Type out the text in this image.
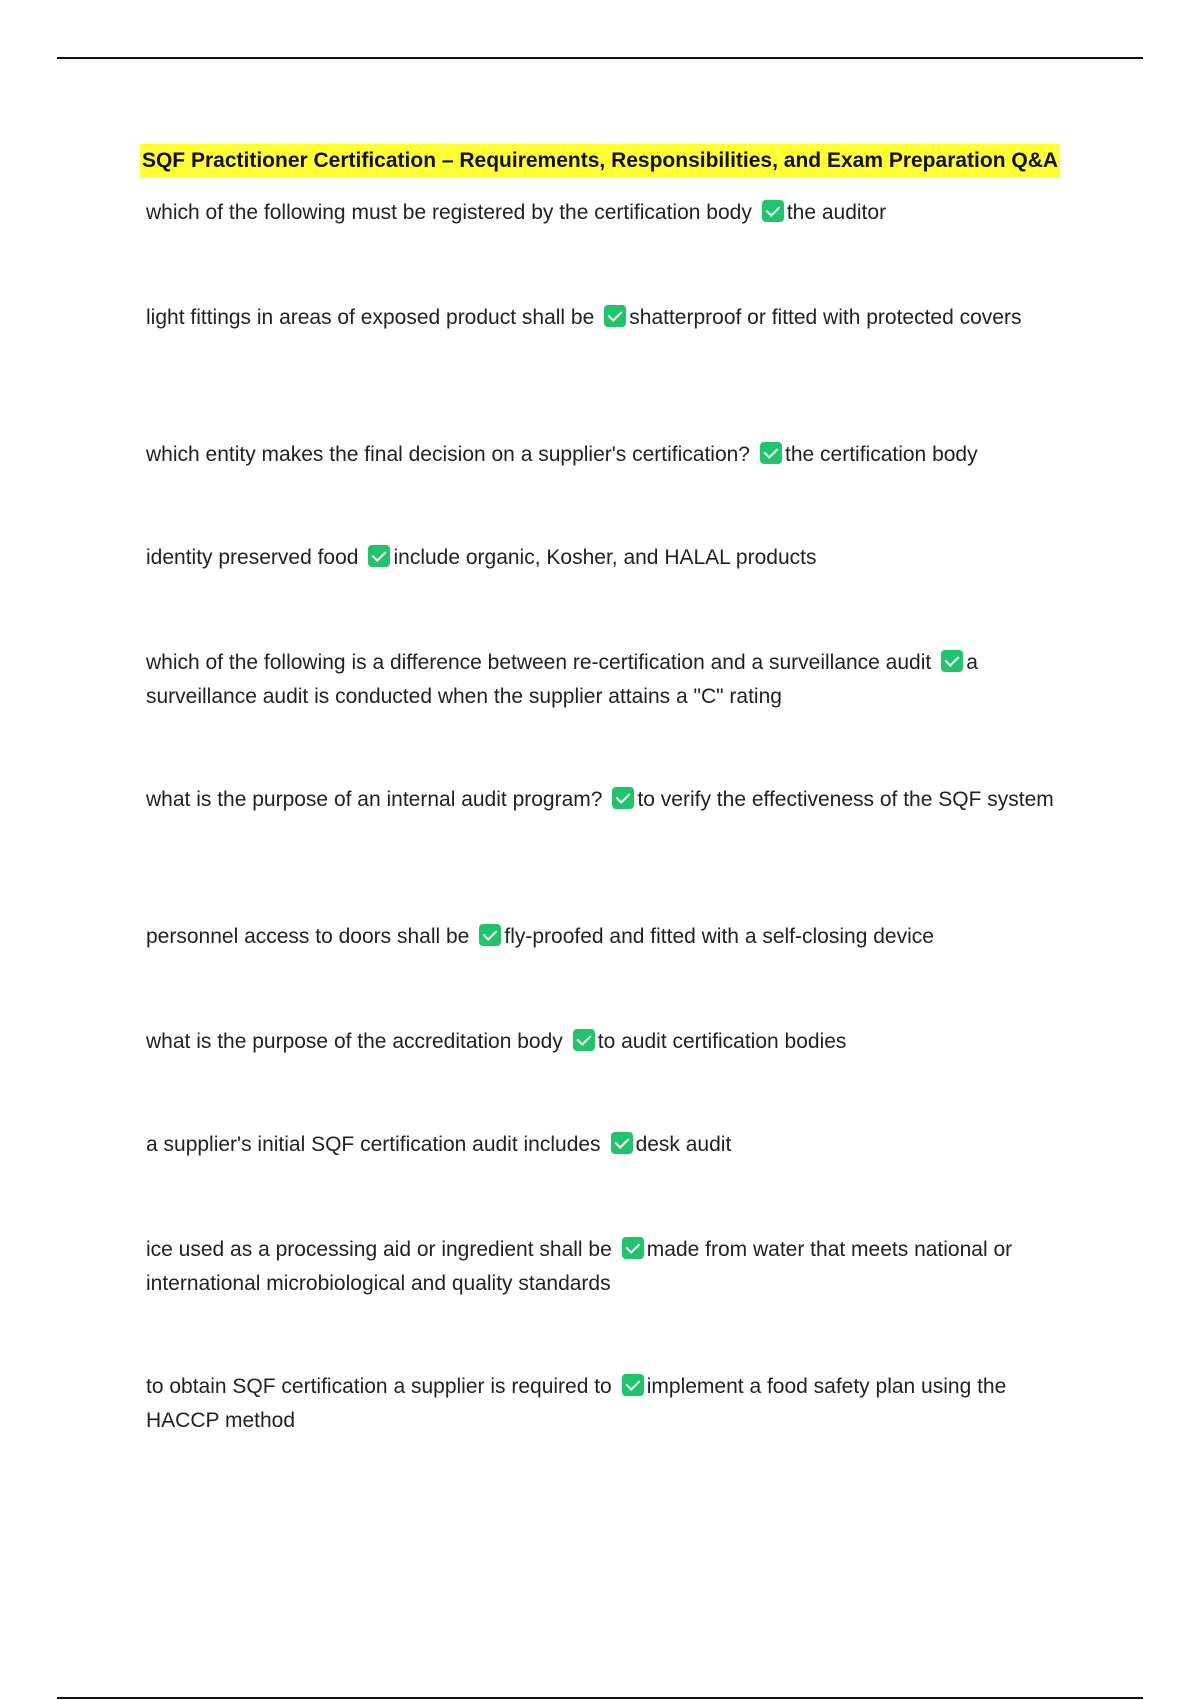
SQF Practitioner Certification – Requirements, Responsibilities, and Exam Preparation Q&A
which of the following must be registered by the certification body the auditor
light fittings in areas of exposed product shall be shatterproof or fitted with protected covers
which entity makes the final decision on a supplier's certification? the certification body
identity preserved food include organic, Kosher, and HALAL products
which of the following is a difference between re-certification and a surveillance audit a surveillance audit is conducted when the supplier attains a "C" rating
what is the purpose of an internal audit program? to verify the effectiveness of the SQF system
personnel access to doors shall be fly-proofed and fitted with a self-closing device
what is the purpose of the accreditation body to audit certification bodies
a supplier's initial SQF certification audit includes desk audit
ice used as a processing aid or ingredient shall be made from water that meets national or international microbiological and quality standards
to obtain SQF certification a supplier is required to implement a food safety plan using the HACCP method
